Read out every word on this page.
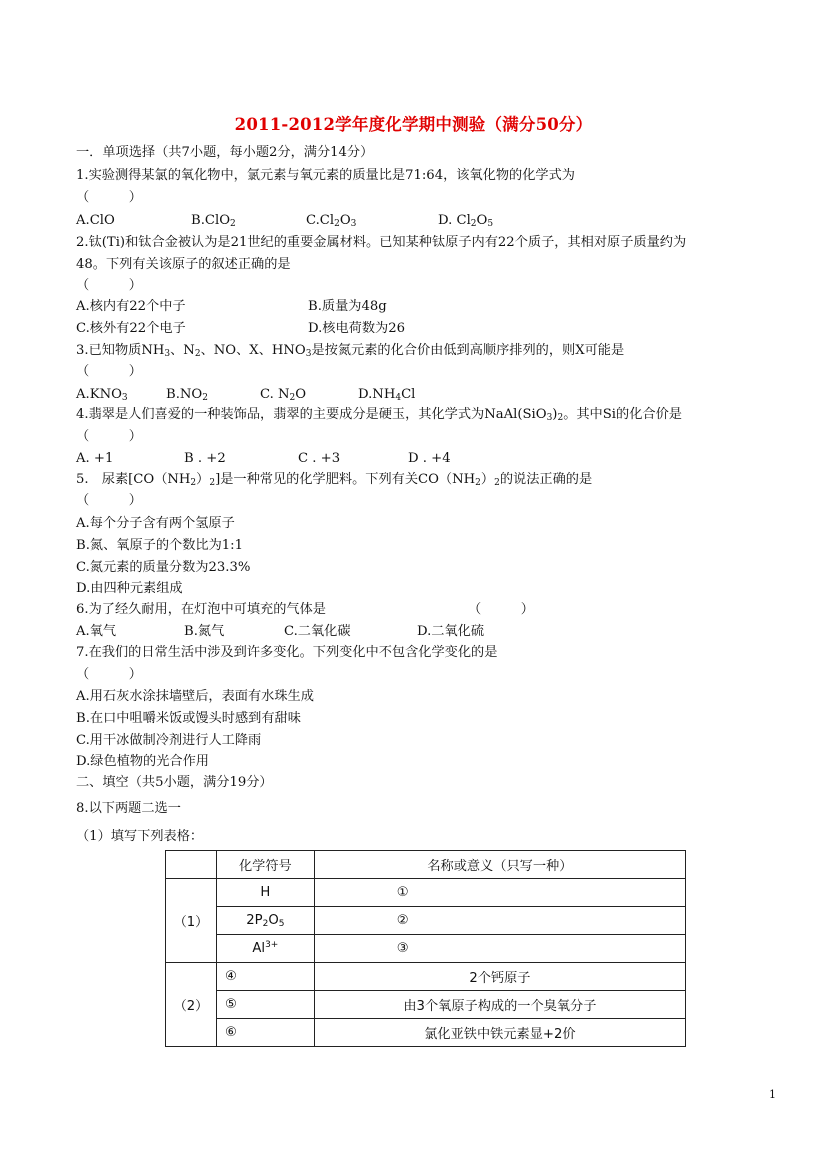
2011-2012学年度化学期中测验（满分50分）
一．单项选择（共7小题，每小题2分，满分14分）
1.实验测得某氯的氧化物中，氯元素与氧元素的质量比是71:64，该氧化物的化学式为
（　　　）
A.ClO	B.ClO$_2$	$C.Cl_2O_3$	D. $Cl_2O_5$
2.钛(Ti)和钛合金被认为是21世纪的重要金属材料。已知某种钛原子内有22个质子，其相对原子质量约为
48。下列有关该原子的叙述正确的是
（　　　）
A.核内有22个中子	B.质量为48g
C.核外有22个电子	D.核电荷数为26
3.已知物质$NH_3$、$N_2$、NO、X、$HNO_3$是按氮元素的化合价由低到高顺序排列的，则X可能是
（　　　）
$A.KNO_3$	$B.NO_2$	C. $N_2O$	$D.NH_4Cl$
4.翡翠是人们喜爱的一种装饰品，翡翠的主要成分是硬玉，其化学式为$NaAl(SiO_3)_2$。其中Si的化合价是
（　　　）
A. +1	B . +2	C . +3	D . +4
5.　尿素$[CO(NH_2)_2]$是一种常见的化学肥料。下列有关$CO(NH_2)_2$的说法正确的是
（　　　）
A.每个分子含有两个氢原子
B.氮、氧原子的个数比为1:1
C.氮元素的质量分数为23.3%
D.由四种元素组成
6.为了经久耐用，在灯泡中可填充的气体是	（　　　）
A.氧气	B.氮气	C.二氧化碳	D.二氧化硫
7.在我们的日常生活中涉及到许多变化。下列变化中不包含化学变化的是
（　　　）
A.用石灰水涂抹墙壁后，表面有水珠生成
B.在口中咀嚼米饭或馒头时感到有甜味
C.用干冰做制冷剂进行人工降雨
D.绿色植物的光合作用
二、填空（共5小题，满分19分）
8.以下两题二选一
（1）填写下列表格：
	化学符号	名称或意义（只写一种）
（1）	H	①
	$2P_2O_5$	②
	$Al^{3+}$	③
（2）	④	2个钙原子
	⑤	由3个氧原子构成的一个臭氧分子
	⑥	氯化亚铁中铁元素显+2价
1
